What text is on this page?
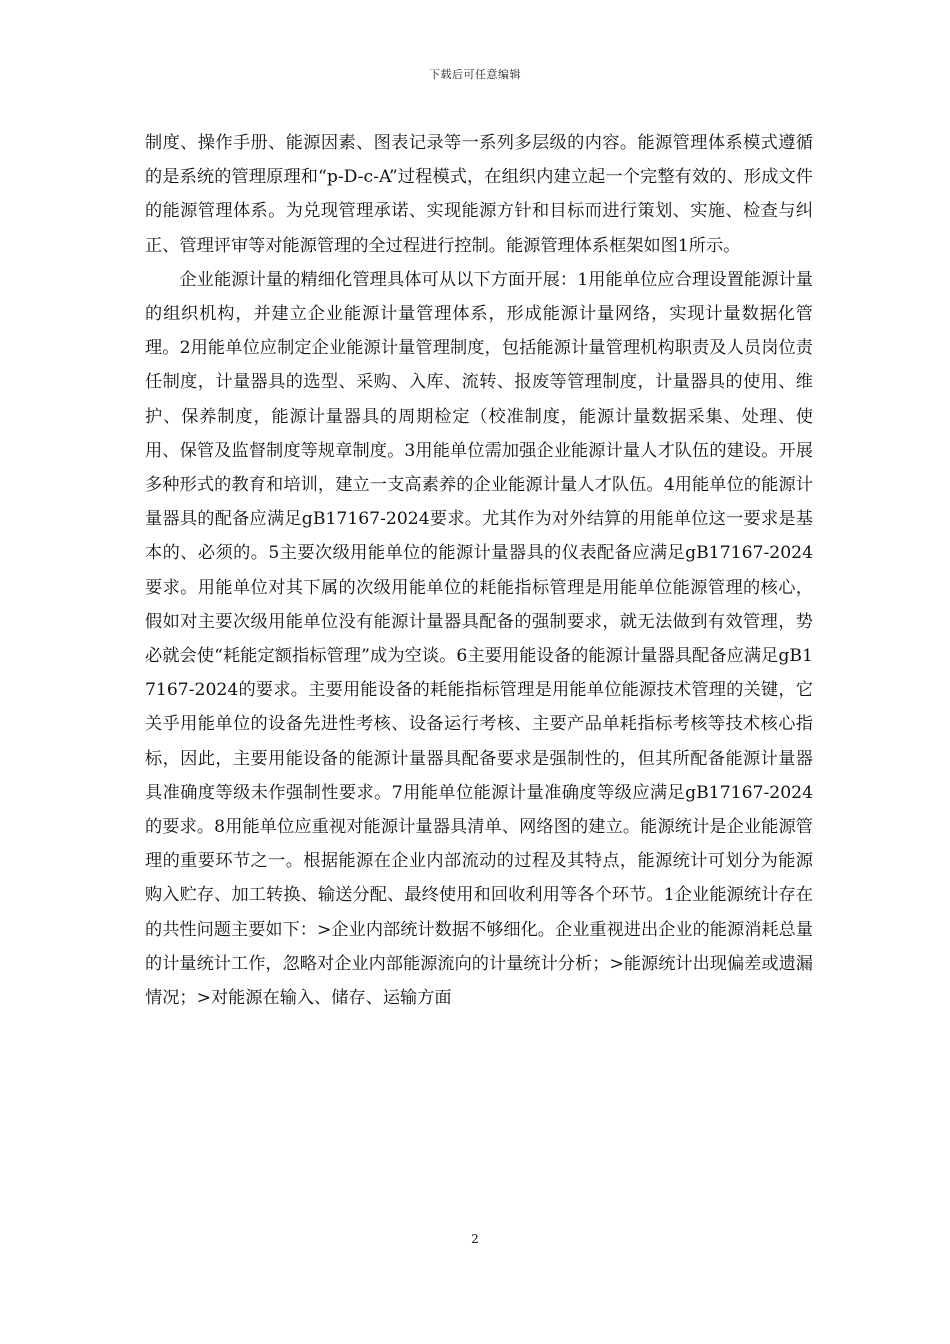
下载后可任意编辑

制度、操作手册、能源因素、图表记录等一系列多层级的内容。能源管理体系模式遵循的是系统的管理原理和“p-D-c-A”过程模式，在组织内建立起一个完整有效的、形成文件的能源管理体系。为兑现管理承诺、实现能源方针和目标而进行策划、实施、检查与纠正、管理评审等对能源管理的全过程进行控制。能源管理体系框架如图1所示。

企业能源计量的精细化管理具体可从以下方面开展：1用能单位应合理设置能源计量的组织机构，并建立企业能源计量管理体系，形成能源计量网络，实现计量数据化管理。2用能单位应制定企业能源计量管理制度，包括能源计量管理机构职责及人员岗位责任制度，计量器具的选型、采购、入库、流转、报废等管理制度，计量器具的使用、维护、保养制度，能源计量器具的周期检定（校准制度，能源计量数据采集、处理、使用、保管及监督制度等规章制度。3用能单位需加强企业能源计量人才队伍的建设。开展多种形式的教育和培训，建立一支高素养的企业能源计量人才队伍。4用能单位的能源计量器具的配备应满足gB17167-2024要求。尤其作为对外结算的用能单位这一要求是基本的、必须的。5主要次级用能单位的能源计量器具的仪表配备应满足gB17167-2024要求。用能单位对其下属的次级用能单位的耗能指标管理是用能单位能源管理的核心，假如对主要次级用能单位没有能源计量器具配备的强制要求，就无法做到有效管理，势必就会使“耗能定额指标管理”成为空谈。6主要用能设备的能源计量器具配备应满足gB17167-2024的要求。主要用能设备的耗能指标管理是用能单位能源技术管理的关键，它关乎用能单位的设备先进性考核、设备运行考核、主要产品单耗指标考核等技术核心指标，因此，主要用能设备的能源计量器具配备要求是强制性的，但其所配备能源计量器具准确度等级未作强制性要求。7用能单位能源计量准确度等级应满足gB17167-2024的要求。8用能单位应重视对能源计量器具清单、网络图的建立。能源统计是企业能源管理的重要环节之一。根据能源在企业内部流动的过程及其特点，能源统计可划分为能源购入贮存、加工转换、输送分配、最终使用和回收利用等各个环节。1企业能源统计存在的共性问题主要如下：>企业内部统计数据不够细化。企业重视进出企业的能源消耗总量的计量统计工作，忽略对企业内部能源流向的计量统计分析；>能源统计出现偏差或遗漏情况；>对能源在输入、储存、运输方面

2
